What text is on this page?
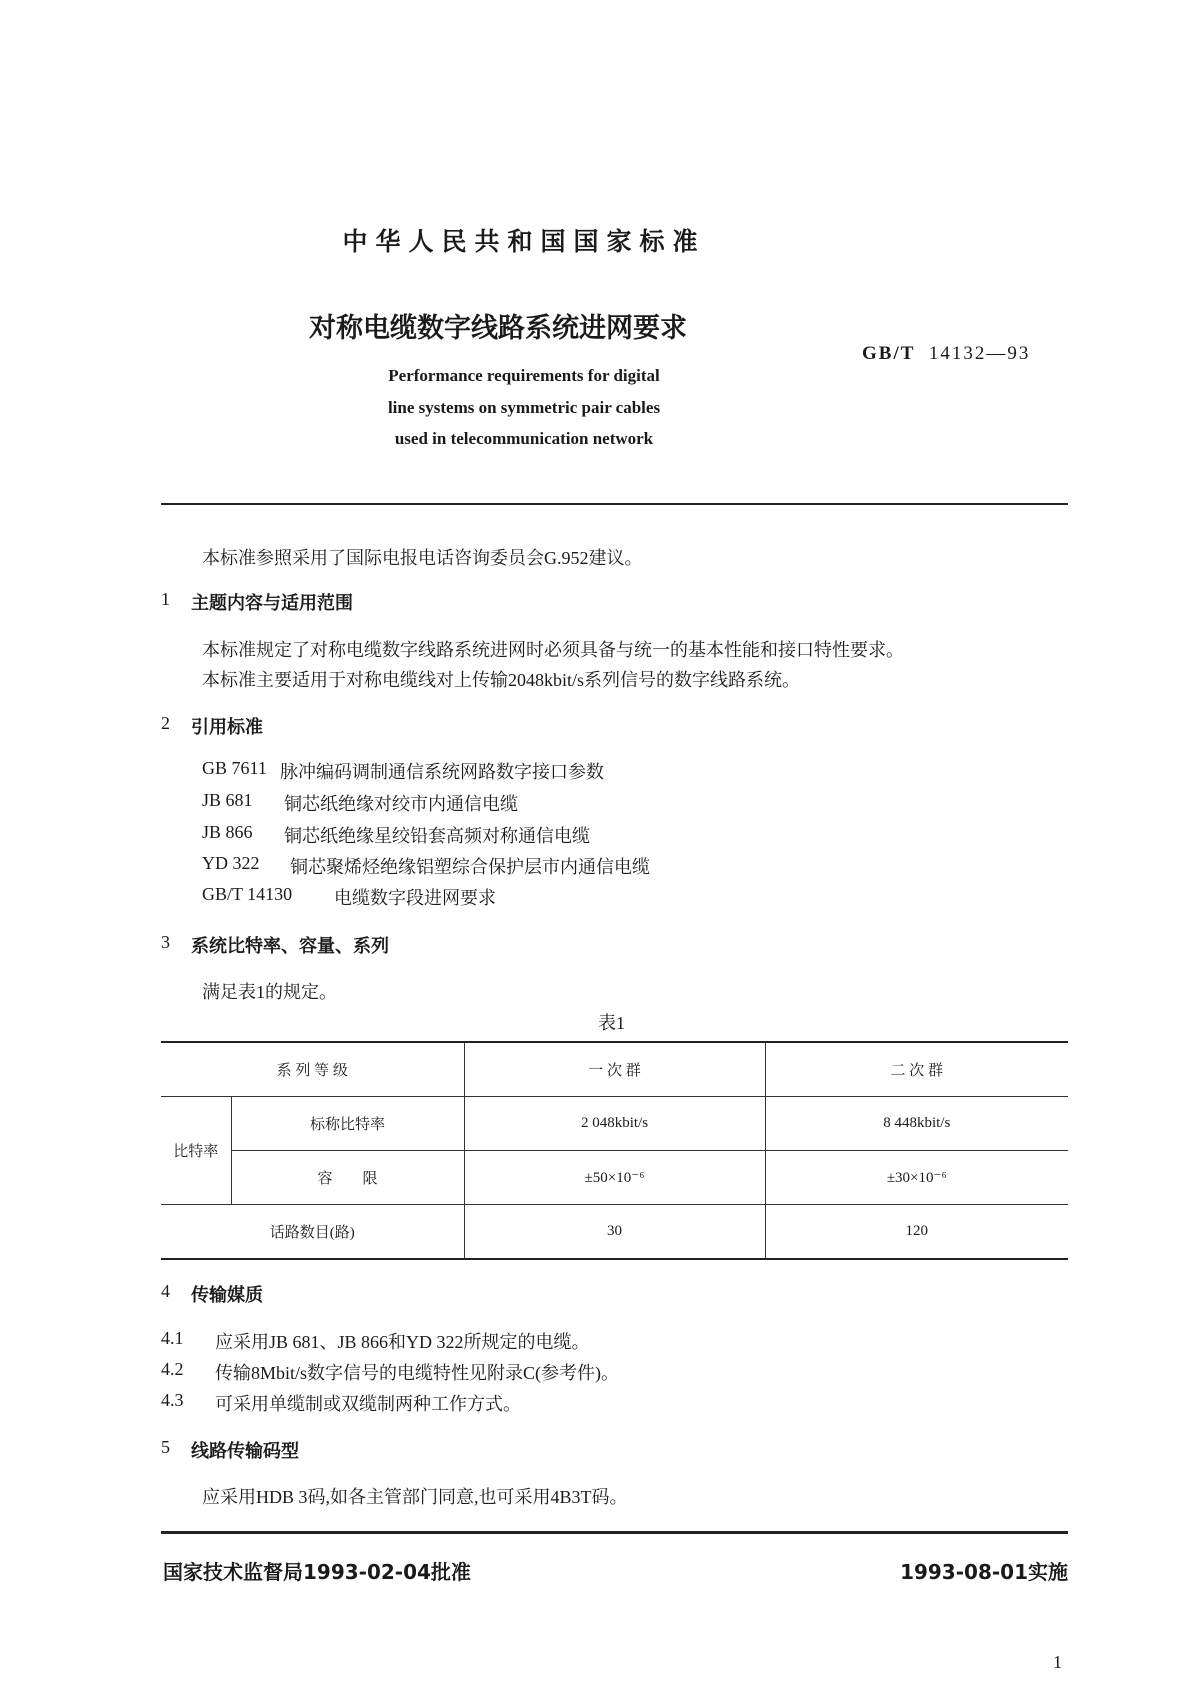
中华人民共和国国家标准
对称电缆数字线路系统进网要求
GB/T 14132—93
Performance requirements for digital
line systems on symmetric pair cables
used in telecommunication network
本标准参照采用了国际电报电话咨询委员会G.952建议。
1 主题内容与适用范围
本标准规定了对称电缆数字线路系统进网时必须具备与统一的基本性能和接口特性要求。
本标准主要适用于对称电缆线对上传输2048kbit/s系列信号的数字线路系统。
2 引用标准
GB 7611 脉冲编码调制通信系统网路数字接口参数
JB 681 铜芯纸绝缘对绞市内通信电缆
JB 866 铜芯纸绝缘星绞铅套高频对称通信电缆
YD 322 铜芯聚烯烃绝缘铝塑综合保护层市内通信电缆
GB/T 14130 电缆数字段进网要求
3 系统比特率、容量、系列
满足表1的规定。
表1
系 列 等 级		一 次 群	二 次 群
比特率	标称比特率	2 048kbit/s	8 448kbit/s
	容　　限	±50×10⁻⁶	±30×10⁻⁶
话路数目(路)		30	120
4 传输媒质
4.1 应采用JB 681、JB 866和YD 322所规定的电缆。
4.2 传输8Mbit/s数字信号的电缆特性见附录C(参考件)。
4.3 可采用单缆制或双缆制两种工作方式。
5 线路传输码型
应采用HDB 3码,如各主管部门同意,也可采用4B3T码。
国家技术监督局1993-02-04批准	1993-08-01实施
1
